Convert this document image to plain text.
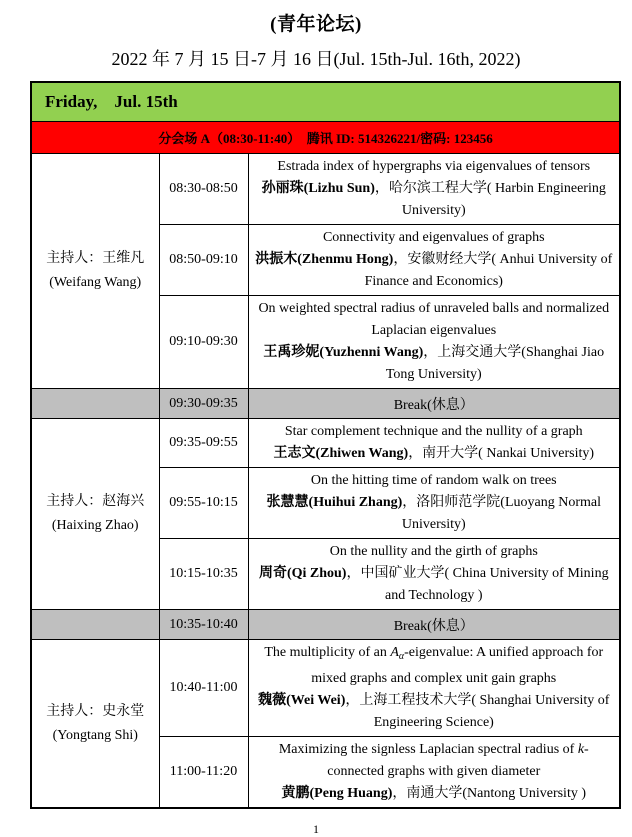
(青年论坛)
2022 年 7 月 15 日-7 月 16 日(Jul. 15th-Jul. 16th, 2022)
Friday, Jul. 15th		
分会场 A（08:30-11:40） 腾讯 ID: 514326221/密码: 123456		

主持人：王维凡
(Weifang Wang)
	08:30-08:50	
Estrada index of hypergraphs via eigenvalues of tensors
孙丽珠(Lizhu Sun)，哈尔滨工程大学( Harbin Engineering University)

	08:50-09:10	Connectivity and eigenvalues of graphs
洪振木(Zhenmu Hong)，安徽财经大学( Anhui University of Finance and Economics)

	09:10-09:30	On weighted spectral radius of unraveled balls and normalized Laplacian eigenvalues
王禹珍妮(Yuzhenni Wang)，上海交通大学(Shanghai Jiao Tong University)

	09:30-09:35	Break(休息）

主持人：赵海兴
(Haixing Zhao)
	09:35-09:55	
Star complement technique and the nullity of a graph
王志文(Zhiwen Wang)，南开大学( Nankai University)

	09:55-10:15	On the hitting time of random walk on trees
张慧慧(Huihui Zhang)，洛阳师范学院(Luoyang Normal University)

	10:15-10:35	On the nullity and the girth of graphs
周奇(Qi Zhou)，中国矿业大学( China University of Mining and Technology )

	10:35-10:40	Break(休息）

主持人：史永堂
(Yongtang Shi)
	10:40-11:00	
The multiplicity of an $A_\alpha$-eigenvalue: A unified approach for mixed graphs and complex unit gain graphs
魏薇(Wei Wei)，上海工程技术大学( Shanghai University of Engineering Science)

	11:00-11:20	Maximizing the signless Laplacian spectral radius of k-connected graphs with given diameter
黄鹏(Peng Huang)，南通大学(Nantong University )
1
